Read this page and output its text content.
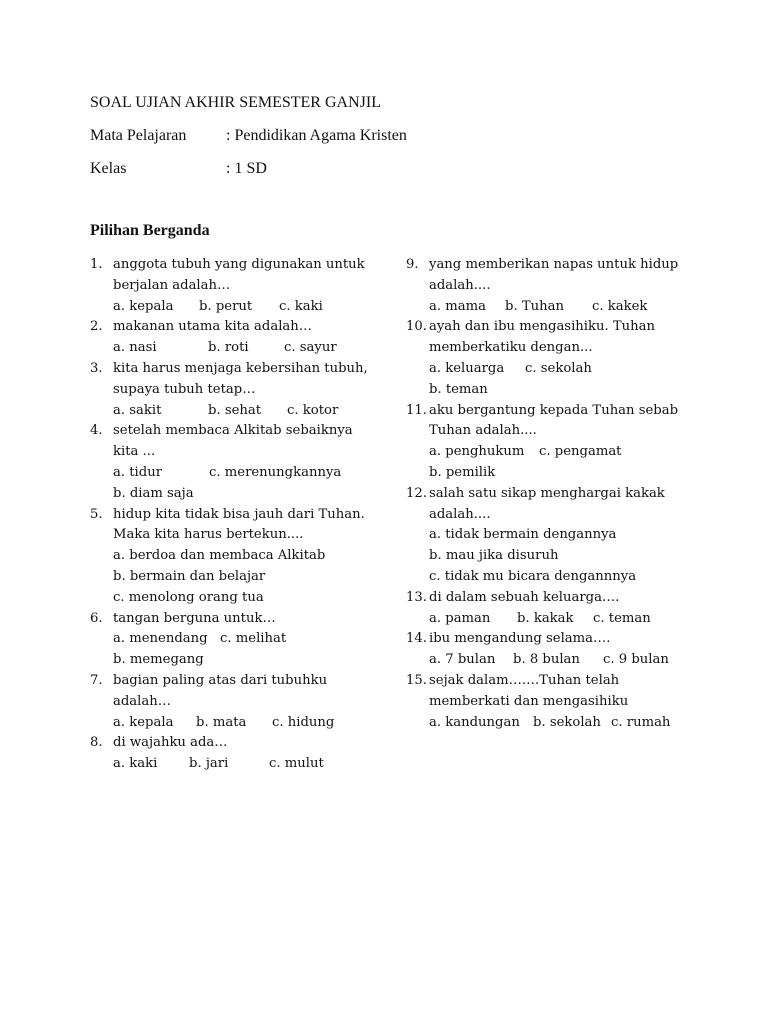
SOAL UJIAN AKHIR SEMESTER GANJIL
Mata Pelajaran : Pendidikan Agama Kristen
Kelas	: 1 SD
Pilihan Berganda
1. anggota tubuh yang digunakan untuk
berjalan adalah…
a. kepala b. perut c. kaki
2. makanan utama kita adalah…
a. nasi	b. roti	c. sayur
3. kita harus menjaga kebersihan tubuh,
supaya tubuh tetap…
a. sakit	b. sehat c. kotor
4. setelah membaca Alkitab sebaiknya
kita ...
a. tidur	c. merenungkannya
b. diam saja
5. hidup kita tidak bisa jauh dari Tuhan.
Maka kita harus bertekun....
a. berdoa dan membaca Alkitab
b. bermain dan belajar
c. menolong orang tua
6. tangan berguna untuk…
a. menendang c. melihat
b. memegang
7. bagian paling atas dari tubuhku
adalah…
a. kepala b. mata c. hidung
8. di wajahku ada…
a. kaki b. jari	c. mulut
9. yang memberikan napas untuk hidup
adalah....
a. mama b. Tuhan c. kakek
10. ayah dan ibu mengasihiku. Tuhan
memberkatiku dengan...
a. keluarga c. sekolah
b. teman
11. aku bergantung kepada Tuhan sebab
Tuhan adalah....
a. penghukum c. pengamat
b. pemilik
12. salah satu sikap menghargai kakak
adalah....
a. tidak bermain dengannya
b. mau jika disuruh
c. tidak mu bicara dengannnya
13. di dalam sebuah keluarga….
a. paman b. kakak c. teman
14. ibu mengandung selama….
a. 7 bulan b. 8 bulan c. 9 bulan
15. sejak dalam…….Tuhan telah
memberkati dan mengasihiku
a. kandungan b. sekolah c. rumah
